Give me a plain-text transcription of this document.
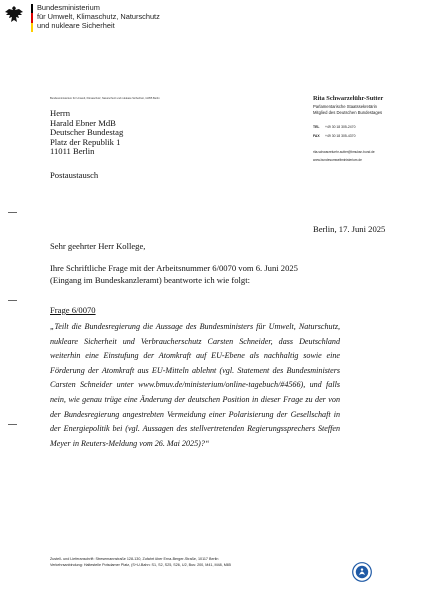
Bundesministerium
für Umwelt, Klimaschutz, Naturschutz
und nukleare Sicherheit
Bundesministerium für Umwelt, Klimaschutz, Naturschutz und nukleare Sicherheit, 11055 Berlin	Rita Schwarzelühr-Sutter
Parlamentarische Staatssekretärin
Mitglied des Deutschen Bundestages
TEL +49 30 18 305-2470
FAX +49 30 18 305-4370
rita.schwarzeluehr-sutter@bmuksn.bund.de
www.bundesumweltministerium.de
Herrn
Harald Ebner MdB
Deutscher Bundestag
Platz der Republik 1
11011 Berlin
Postaustausch
Berlin, 17. Juni 2025
Sehr geehrter Herr Kollege,
Ihre Schriftliche Frage mit der Arbeitsnummer 6/0070 vom 6. Juni 2025 (Eingang im Bundeskanzleramt) beantworte ich wie folgt:
Frage 6/0070
„Teilt die Bundesregierung die Aussage des Bundesministers für Umwelt, Naturschutz, nukleare Sicherheit und Verbraucherschutz Carsten Schneider, dass Deutschland weiterhin eine Einstufung der Atomkraft auf EU-Ebene als nachhaltig sowie eine Förderung der Atomkraft aus EU-Mitteln ablehnt (vgl. Statement des Bundesministers Carsten Schneider unter www.bmuv.de/ministerium/online-tagebuch/#4566), und falls nein, wie genau trüge eine Änderung der deutschen Position in dieser Frage zu der von der Bundesregierung angestrebten Vermeidung einer Polarisierung der Gesellschaft in der Energiepolitik bei (vgl. Aussagen des stellvertretenden Regierungssprechers Steffen Meyer in Reuters-Meldung vom 26. Mai 2025)?“
Zustell- und Lieferanschrift: Stresemannstraße 128-130, Zufahrt über Erna-Berger-Straße, 10117 Berlin
Verkehrsanbindung: Haltestelle Potsdamer Platz, (S+U-Bahn: S1, S2, S25, S26, U2, Bus: 200, M41, M48, M85
